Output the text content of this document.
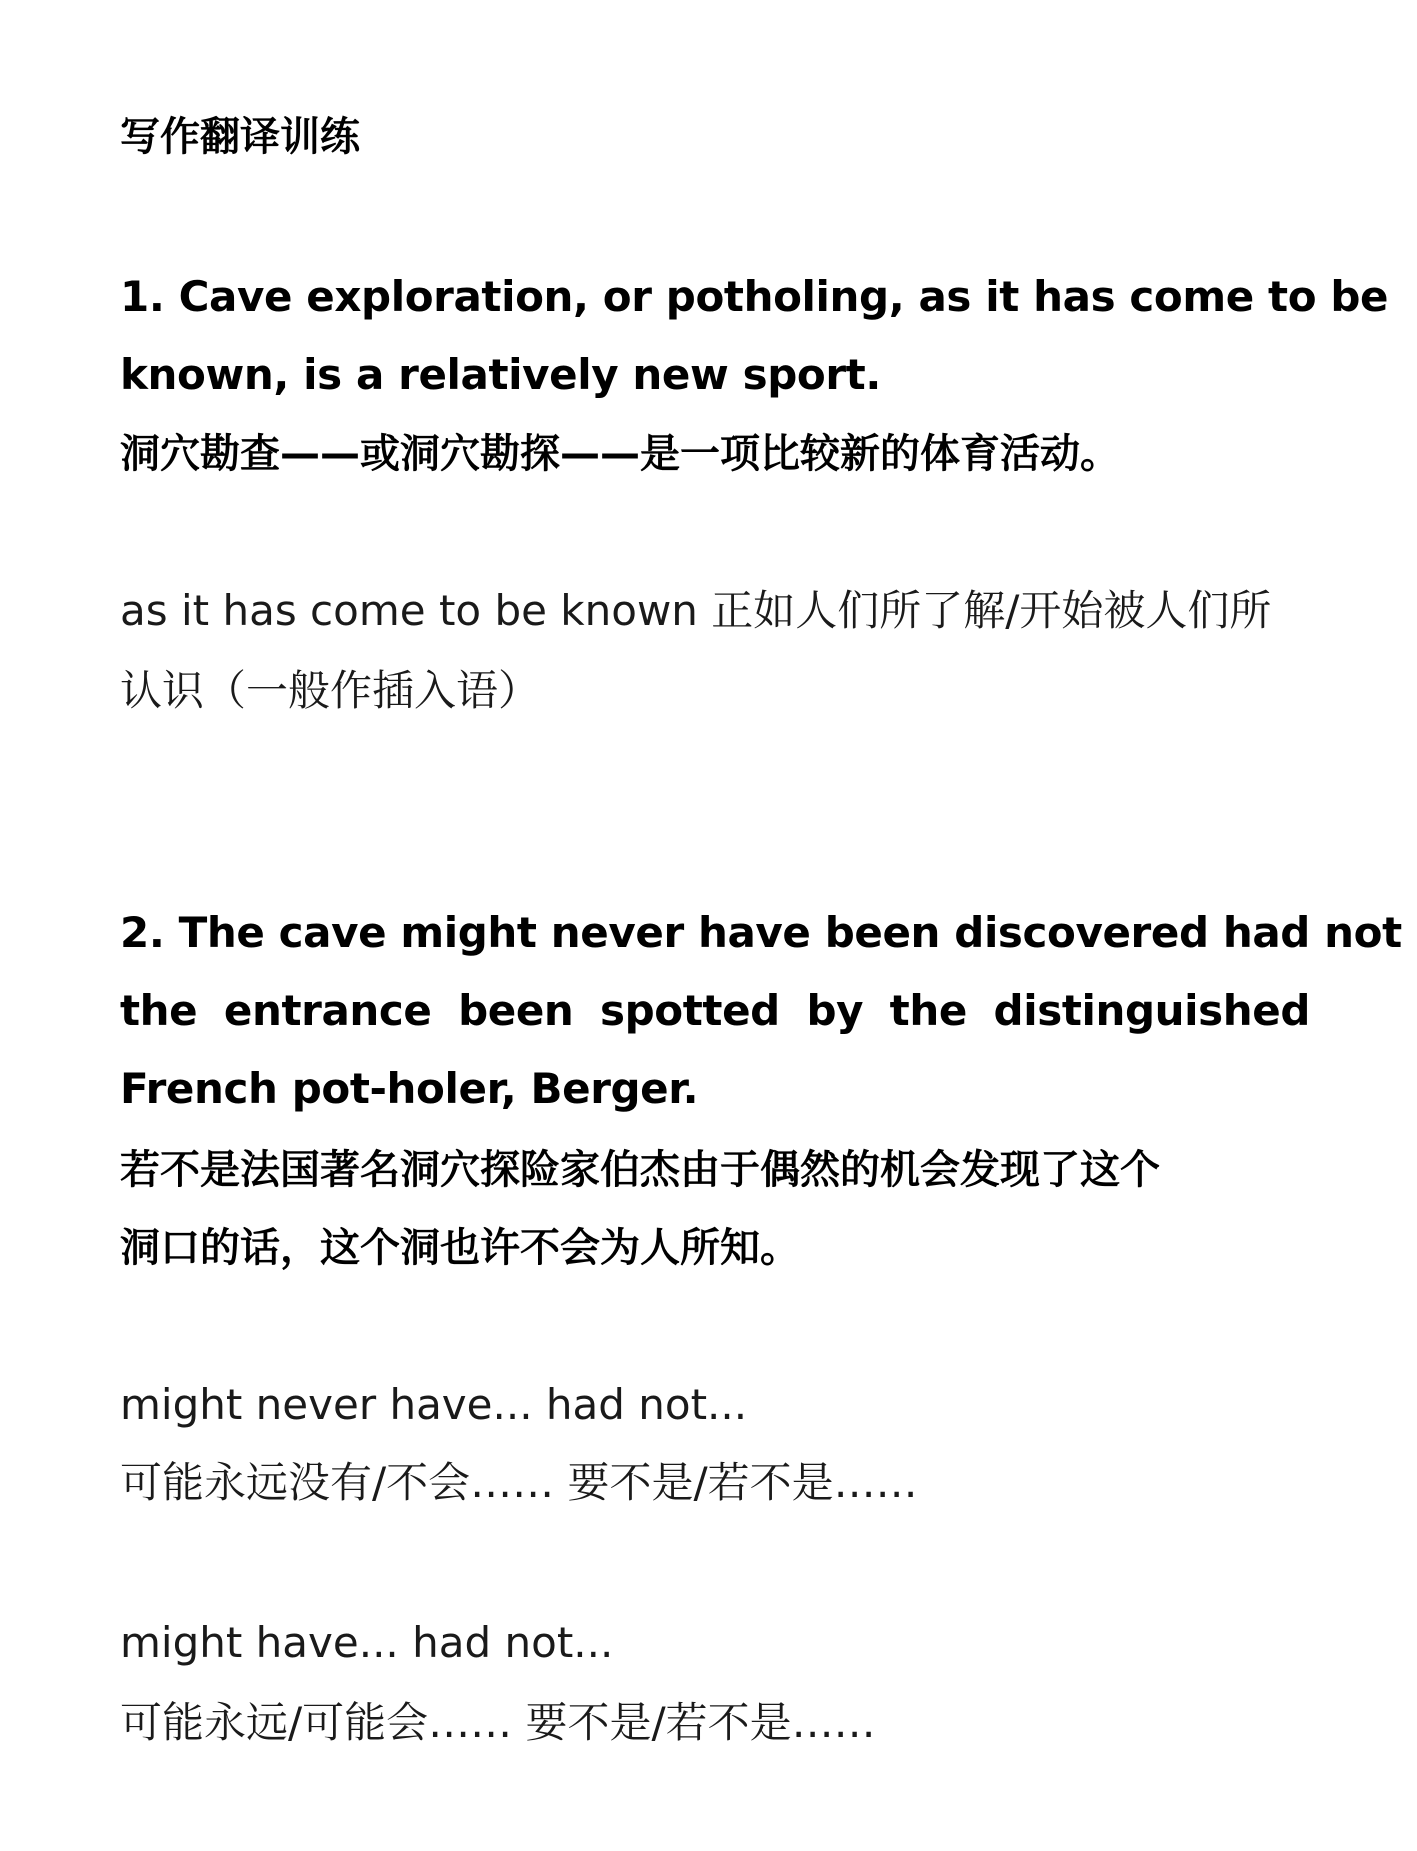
写作翻译训练
1. Cave exploration, or potholing, as it has come to be
known, is a relatively new sport.
洞穴勘查——或洞穴勘探——是一项比较新的体育活动。
as it has come to be known 正如人们所了解/开始被人们所
认识（一般作插入语）
2. The cave might never have been discovered had not
the entrance been spotted by the distinguished
French pot-holer, Berger.
若不是法国著名洞穴探险家伯杰由于偶然的机会发现了这个
洞口的话，这个洞也许不会为人所知。
might never have... had not...
可能永远没有/不会…… 要不是/若不是……
might have... had not...
可能永远/可能会…… 要不是/若不是……
